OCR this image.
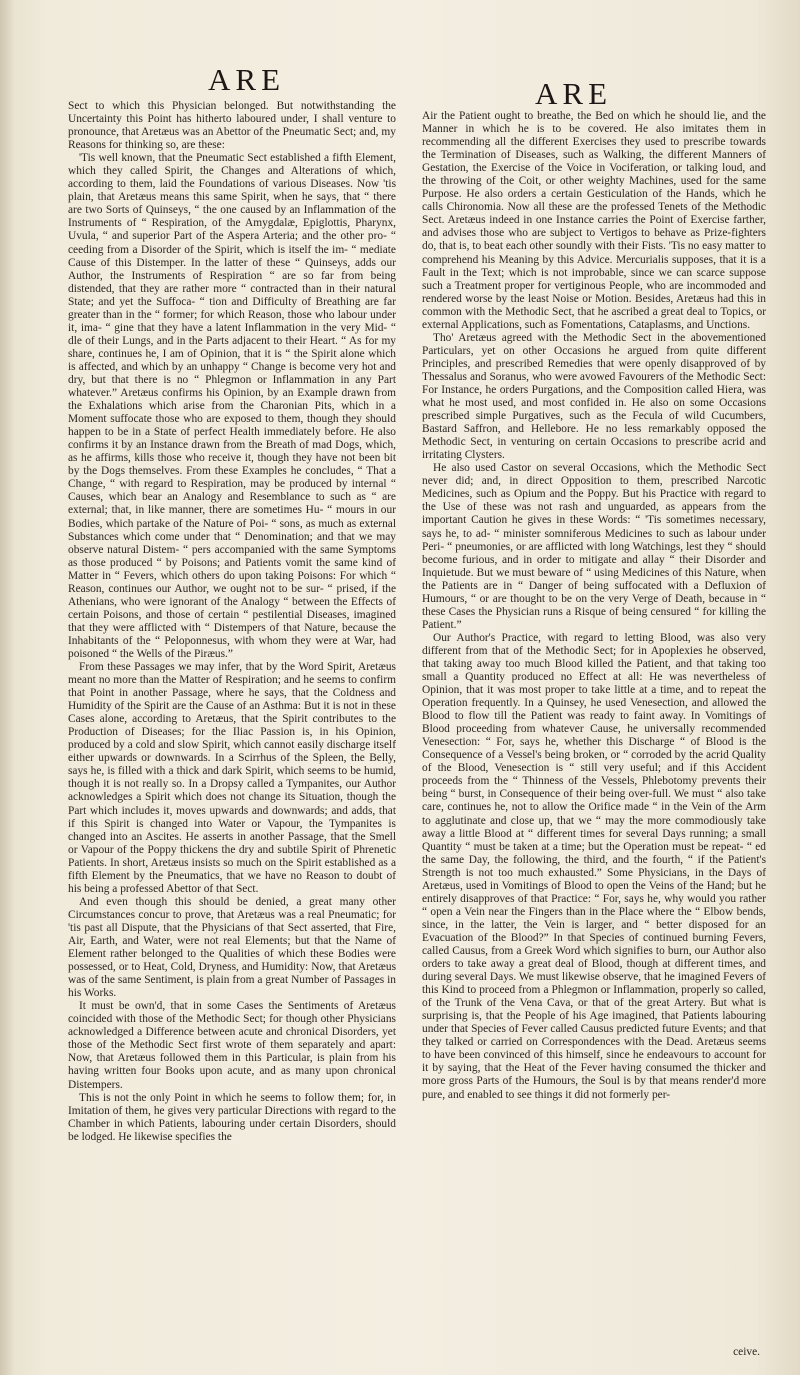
ARE	ARE

Sect to which this Physician belonged. But notwithstanding the Uncertainty this Point has hitherto laboured under, I shall venture to pronounce, that Aretæus was an Abettor of the Pneumatic Sect; and, my Reasons for thinking so, are these:

'Tis well known, that the Pneumatic Sect established a fifth Element, which they called Spirit, the Changes and Alterations of which, according to them, laid the Foundations of various Diseases. Now 'tis plain, that Aretæus means this same Spirit, when he says, that “ there are two Sorts of Quinseys, “ the one caused by an Inflammation of the Instruments of “ Respiration, of the Amygdalæ, Epiglottis, Pharynx, Uvula, “ and superior Part of the Aspera Arteria; and the other pro- “ ceeding from a Disorder of the Spirit, which is itself the im- “ mediate Cause of this Distemper. In the latter of these “ Quinseys, adds our Author, the Instruments of Respiration “ are so far from being distended, that they are rather more “ contracted than in their natural State; and yet the Suffoca- “ tion and Difficulty of Breathing are far greater than in the “ former; for which Reason, those who labour under it, ima- “ gine that they have a latent Inflammation in the very Mid- “ dle of their Lungs, and in the Parts adjacent to their Heart. “ As for my share, continues he, I am of Opinion, that it is “ the Spirit alone which is affected, and which by an unhappy “ Change is become very hot and dry, but that there is no “ Phlegmon or Inflammation in any Part whatever.” Aretæus confirms his Opinion, by an Example drawn from the Exhalations which arise from the Charonian Pits, which in a Moment suffocate those who are exposed to them, though they should happen to be in a State of perfect Health immediately before. He also confirms it by an Instance drawn from the Breath of mad Dogs, which, as he affirms, kills those who receive it, though they have not been bit by the Dogs themselves. From these Examples he concludes, “ That a Change, “ with regard to Respiration, may be produced by internal “ Causes, which bear an Analogy and Resemblance to such as “ are external; that, in like manner, there are sometimes Hu- “ mours in our Bodies, which partake of the Nature of Poi- “ sons, as much as external Substances which come under that “ Denomination; and that we may observe natural Distem- “ pers accompanied with the same Symptoms as those produced “ by Poisons; and Patients vomit the same kind of Matter in “ Fevers, which others do upon taking Poisons: For which “ Reason, continues our Author, we ought not to be sur- “ prised, if the Athenians, who were ignorant of the Analogy “ between the Effects of certain Poisons, and those of certain “ pestilential Diseases, imagined that they were afflicted with “ Distempers of that Nature, because the Inhabitants of the “ Peloponnesus, with whom they were at War, had poisoned “ the Wells of the Piræus.”

From these Passages we may infer, that by the Word Spirit, Aretæus meant no more than the Matter of Respiration; and he seems to confirm that Point in another Passage, where he says, that the Coldness and Humidity of the Spirit are the Cause of an Asthma: But it is not in these Cases alone, according to Aretæus, that the Spirit contributes to the Production of Diseases; for the Iliac Passion is, in his Opinion, produced by a cold and slow Spirit, which cannot easily discharge itself either upwards or downwards. In a Scirrhus of the Spleen, the Belly, says he, is filled with a thick and dark Spirit, which seems to be humid, though it is not really so. In a Dropsy called a Tympanites, our Author acknowledges a Spirit which does not change its Situation, though the Part which includes it, moves upwards and downwards; and adds, that if this Spirit is changed into Water or Vapour, the Tympanites is changed into an Ascites. He asserts in another Passage, that the Smell or Vapour of the Poppy thickens the dry and subtile Spirit of Phrenetic Patients. In short, Aretæus insists so much on the Spirit established as a fifth Element by the Pneumatics, that we have no Reason to doubt of his being a professed Abettor of that Sect.

And even though this should be denied, a great many other Circumstances concur to prove, that Aretæus was a real Pneumatic; for 'tis past all Dispute, that the Physicians of that Sect asserted, that Fire, Air, Earth, and Water, were not real Elements; but that the Name of Element rather belonged to the Qualities of which these Bodies were possessed, or to Heat, Cold, Dryness, and Humidity: Now, that Aretæus was of the same Sentiment, is plain from a great Number of Passages in his Works.

It must be own'd, that in some Cases the Sentiments of Aretæus coincided with those of the Methodic Sect; for though other Physicians acknowledged a Difference between acute and chronical Disorders, yet those of the Methodic Sect first wrote of them separately and apart: Now, that Aretæus followed them in this Particular, is plain from his having written four Books upon acute, and as many upon chronical Distempers.

This is not the only Point in which he seems to follow them; for, in Imitation of them, he gives very particular Directions with regard to the Chamber in which Patients, labouring under certain Disorders, should be lodged. He likewise specifies the

Air the Patient ought to breathe, the Bed on which he should lie, and the Manner in which he is to be covered. He also imitates them in recommending all the different Exercises they used to prescribe towards the Termination of Diseases, such as Walking, the different Manners of Gestation, the Exercise of the Voice in Vociferation, or talking loud, and the throwing of the Coit, or other weighty Machines, used for the same Purpose. He also orders a certain Gesticulation of the Hands, which he calls Chironomia. Now all these are the professed Tenets of the Methodic Sect. Aretæus indeed in one Instance carries the Point of Exercise farther, and advises those who are subject to Vertigos to behave as Prize-fighters do, that is, to beat each other soundly with their Fists. 'Tis no easy matter to comprehend his Meaning by this Advice. Mercurialis supposes, that it is a Fault in the Text; which is not improbable, since we can scarce suppose such a Treatment proper for vertiginous People, who are incommoded and rendered worse by the least Noise or Motion. Besides, Aretæus had this in common with the Methodic Sect, that he ascribed a great deal to Topics, or external Applications, such as Fomentations, Cataplasms, and Unctions.

Tho' Aretæus agreed with the Methodic Sect in the abovementioned Particulars, yet on other Occasions he argued from quite different Principles, and prescribed Remedies that were openly disapproved of by Thessalus and Soranus, who were avowed Favourers of the Methodic Sect: For Instance, he orders Purgations, and the Composition called Hiera, was what he most used, and most confided in. He also on some Occasions prescribed simple Purgatives, such as the Fecula of wild Cucumbers, Bastard Saffron, and Hellebore. He no less remarkably opposed the Methodic Sect, in venturing on certain Occasions to prescribe acrid and irritating Clysters.

He also used Castor on several Occasions, which the Methodic Sect never did; and, in direct Opposition to them, prescribed Narcotic Medicines, such as Opium and the Poppy. But his Practice with regard to the Use of these was not rash and unguarded, as appears from the important Caution he gives in these Words: “ 'Tis sometimes necessary, says he, to ad- “ minister somniferous Medicines to such as labour under Peri- “ pneumonies, or are afflicted with long Watchings, lest they “ should become furious, and in order to mitigate and allay “ their Disorder and Inquietude. But we must beware of “ using Medicines of this Nature, when the Patients are in “ Danger of being suffocated with a Defluxion of Humours, “ or are thought to be on the very Verge of Death, because in “ these Cases the Physician runs a Risque of being censured “ for killing the Patient.”

Our Author's Practice, with regard to letting Blood, was also very different from that of the Methodic Sect; for in Apoplexies he observed, that taking away too much Blood killed the Patient, and that taking too small a Quantity produced no Effect at all: He was nevertheless of Opinion, that it was most proper to take little at a time, and to repeat the Operation frequently. In a Quinsey, he used Venesection, and allowed the Blood to flow till the Patient was ready to faint away. In Vomitings of Blood proceeding from whatever Cause, he universally recommended Venesection: “ For, says he, whether this Discharge “ of Blood is the Consequence of a Vessel's being broken, or “ corroded by the acrid Quality of the Blood, Venesection is “ still very useful; and if this Accident proceeds from the “ Thinness of the Vessels, Phlebotomy prevents their being “ burst, in Consequence of their being over-full. We must “ also take care, continues he, not to allow the Orifice made “ in the Vein of the Arm to agglutinate and close up, that we “ may the more commodiously take away a little Blood at “ different times for several Days running; a small Quantity “ must be taken at a time; but the Operation must be repeat- “ ed the same Day, the following, the third, and the fourth, “ if the Patient's Strength is not too much exhausted.” Some Physicians, in the Days of Aretæus, used in Vomitings of Blood to open the Veins of the Hand; but he entirely disapproves of that Practice: “ For, says he, why would you rather “ open a Vein near the Fingers than in the Place where the “ Elbow bends, since, in the latter, the Vein is larger, and “ better disposed for an Evacuation of the Blood?” In that Species of continued burning Fevers, called Causus, from a Greek Word which signifies to burn, our Author also orders to take away a great deal of Blood, though at different times, and during several Days. We must likewise observe, that he imagined Fevers of this Kind to proceed from a Phlegmon or Inflammation, properly so called, of the Trunk of the Vena Cava, or that of the great Artery. But what is surprising is, that the People of his Age imagined, that Patients labouring under that Species of Fever called Causus predicted future Events; and that they talked or carried on Correspondences with the Dead. Aretæus seems to have been convinced of this himself, since he endeavours to account for it by saying, that the Heat of the Fever having consumed the thicker and more gross Parts of the Humours, the Soul is by that means render'd more pure, and enabled to see things it did not formerly per-

ceive.
